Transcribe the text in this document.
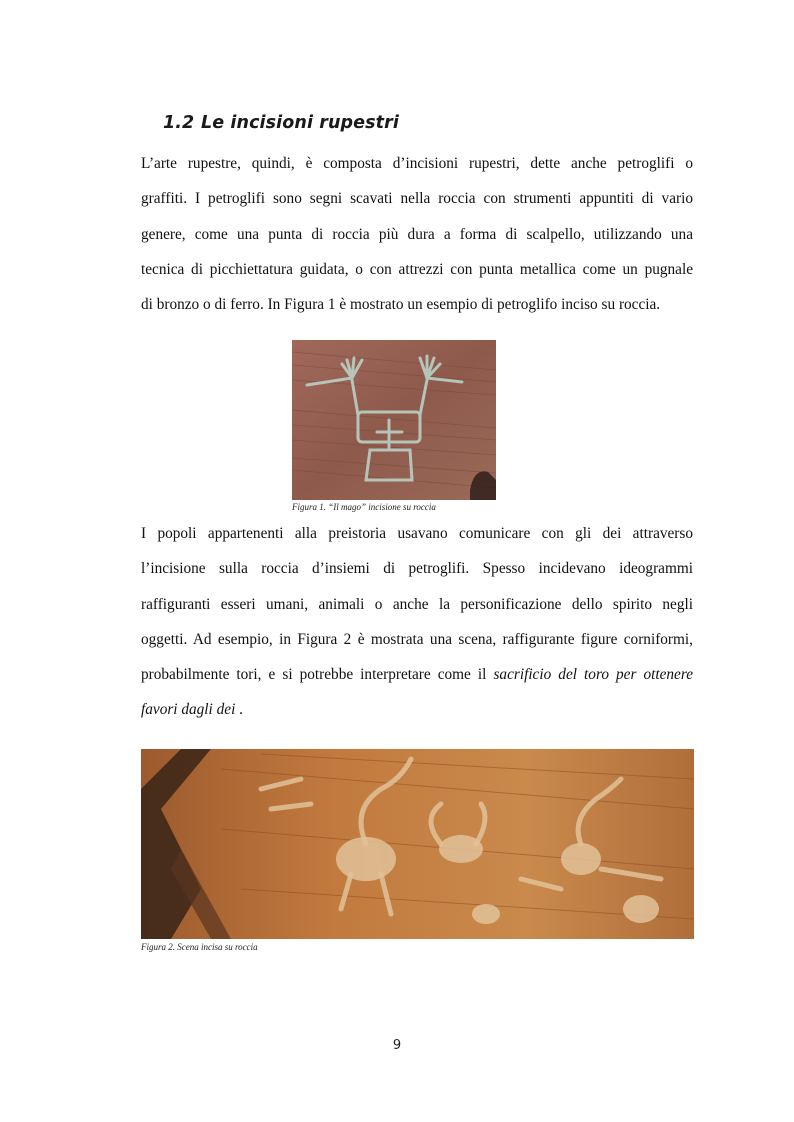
1.2 Le incisioni rupestri
L’arte rupestre, quindi, è composta d’incisioni rupestri, dette anche petroglifi o
graffiti. I petroglifi sono segni scavati nella roccia con strumenti appuntiti di vario
genere, come una punta di roccia più dura a forma di scalpello, utilizzando una
tecnica di picchiettatura guidata, o con attrezzi con punta metallica come un pugnale
di bronzo o di ferro. In Figura 1 è mostrato un esempio di petroglifo inciso su roccia.
Figura 1. “Il mago” incisione su roccia
I popoli appartenenti alla preistoria usavano comunicare con gli dei attraverso
l’incisione sulla roccia d’insiemi di petroglifi. Spesso incidevano ideogrammi
raffiguranti esseri umani, animali o anche la personificazione dello spirito negli
oggetti. Ad esempio, in Figura 2 è mostrata una scena, raffigurante figure corniformi,
probabilmente tori, e si potrebbe interpretare come il sacrificio del toro per ottenere
favori dagli dei .
Figura 2. Scena incisa su roccia
9
